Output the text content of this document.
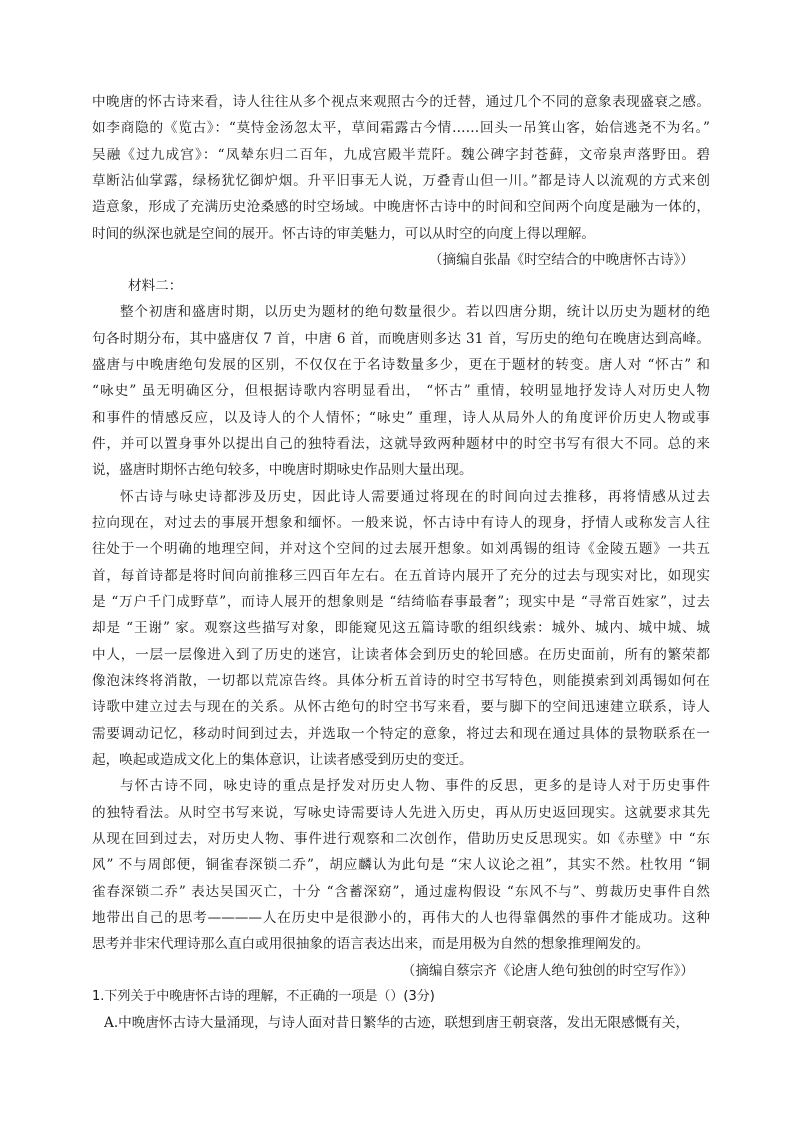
中晚唐的怀古诗来看，诗人往往从多个视点来观照古今的迁替，通过几个不同的意象表现盛衰之感。
如李商隐的《览古》：“莫恃金汤忽太平，草间霜露古今情……回头一吊箕山客，始信逃尧不为名。”
吴融《过九成宫》：“凤辇东归二百年，九成宫殿半荒阡。魏公碑字封苍藓，文帝泉声落野田。碧
草断沾仙掌露，绿杨犹忆御炉烟。升平旧事无人说，万叠青山但一川。”都是诗人以流观的方式来创
造意象，形成了充满历史沧桑感的时空场域。中晚唐怀古诗中的时间和空间两个向度是融为一体的，
时间的纵深也就是空间的展开。怀古诗的审美魅力，可以从时空的向度上得以理解。
（摘编自张晶《时空结合的中晚唐怀古诗》）
材料二：
整个初唐和盛唐时期，以历史为题材的绝句数量很少。若以四唐分期，统计以历史为题材的绝
句各时期分布，其中盛唐仅 7 首，中唐 6 首，而晚唐则多达 31 首，写历史的绝句在晚唐达到高峰。
盛唐与中晚唐绝句发展的区别，不仅仅在于名诗数量多少，更在于题材的转变。唐人对 “怀古” 和
“咏史” 虽无明确区分，但根据诗歌内容明显看出， “怀古” 重情，较明显地抒发诗人对历史人物
和事件的情感反应，以及诗人的个人情怀；“咏史” 重理，诗人从局外人的角度评价历史人物或事
件，并可以置身事外以提出自己的独特看法，这就导致两种题材中的时空书写有很大不同。总的来
说，盛唐时期怀古绝句较多，中晚唐时期咏史作品则大量出现。
怀古诗与咏史诗都涉及历史，因此诗人需要通过将现在的时间向过去推移，再将情感从过去
拉向现在，对过去的事展开想象和缅怀。一般来说，怀古诗中有诗人的现身，抒情人或称发言人往
往处于一个明确的地理空间，并对这个空间的过去展开想象。如刘禹锡的组诗《金陵五题》一共五
首，每首诗都是将时间向前推移三四百年左右。在五首诗内展开了充分的过去与现实对比，如现实
是 “万户千门成野草”，而诗人展开的想象则是 “结绮临春事最奢”；现实中是 “寻常百姓家”，过去
却是 “王谢” 家。观察这些描写对象，即能窥见这五篇诗歌的组织线索：城外、城内、城中城、城
中人，一层一层像进入到了历史的迷宫，让读者体会到历史的轮回感。在历史面前，所有的繁荣都
像泡沫终将消散，一切都以荒凉告终。具体分析五首诗的时空书写特色，则能摸索到刘禹锡如何在
诗歌中建立过去与现在的关系。从怀古绝句的时空书写来看，要与脚下的空间迅速建立联系，诗人
需要调动记忆，移动时间到过去，并选取一个特定的意象，将过去和现在通过具体的景物联系在一
起，唤起或造成文化上的集体意识，让读者感受到历史的变迁。
与怀古诗不同，咏史诗的重点是抒发对历史人物、事件的反思，更多的是诗人对于历史事件
的独特看法。从时空书写来说，写咏史诗需要诗人先进入历史，再从历史返回现实。这就要求其先
从现在回到过去，对历史人物、事件进行观察和二次创作，借助历史反思现实。如《赤壁》中 “东
风” 不与周郎便，铜雀春深锁二乔”，胡应麟认为此句是 “宋人议论之祖”，其实不然。杜牧用 “铜
雀春深锁二乔” 表达吴国灭亡，十分 “含蓄深窈”，通过虚构假设 “东风不与”、剪裁历史事件自然
地带出自己的思考————人在历史中是很渺小的，再伟大的人也得靠偶然的事件才能成功。这种
思考并非宋代理诗那么直白或用很抽象的语言表达出来，而是用极为自然的想象推理阐发的。
（摘编自蔡宗齐《论唐人绝句独创的时空写作》）
1.下列关于中晚唐怀古诗的理解，不正确的一项是（）(3分)
A.中晚唐怀古诗大量涌现，与诗人面对昔日繁华的古迹，联想到唐王朝衰落，发出无限感慨有关，
